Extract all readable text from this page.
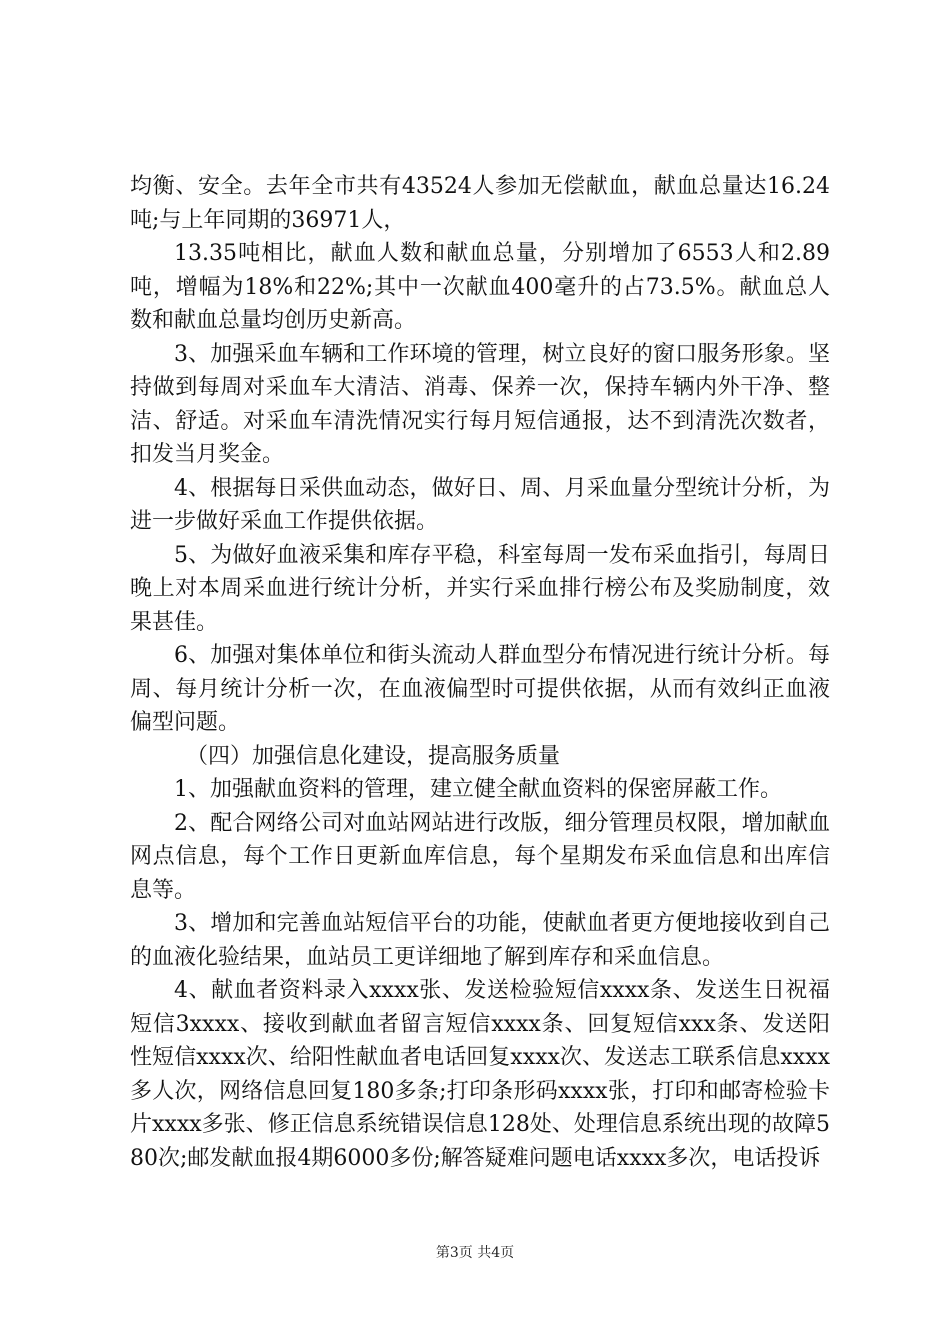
均衡、安全。去年全市共有43524人参加无偿献血，献血总量达16.24吨;与上年同期的36971人，

13.35吨相比，献血人数和献血总量，分别增加了6553人和2.89吨，增幅为18%和22%;其中一次献血400毫升的占73.5%。献血总人数和献血总量均创历史新高。

3、加强采血车辆和工作环境的管理，树立良好的窗口服务形象。坚持做到每周对采血车大清洁、消毒、保养一次，保持车辆内外干净、整洁、舒适。对采血车清洗情况实行每月短信通报，达不到清洗次数者，扣发当月奖金。

4、根据每日采供血动态，做好日、周、月采血量分型统计分析，为进一步做好采血工作提供依据。

5、为做好血液采集和库存平稳，科室每周一发布采血指引，每周日晚上对本周采血进行统计分析，并实行采血排行榜公布及奖励制度，效果甚佳。

6、加强对集体单位和街头流动人群血型分布情况进行统计分析。每周、每月统计分析一次，在血液偏型时可提供依据，从而有效纠正血液偏型问题。

（四）加强信息化建设，提高服务质量

1、加强献血资料的管理，建立健全献血资料的保密屏蔽工作。

2、配合网络公司对血站网站进行改版，细分管理员权限，增加献血网点信息，每个工作日更新血库信息，每个星期发布采血信息和出库信息等。

3、增加和完善血站短信平台的功能，使献血者更方便地接收到自己的血液化验结果，血站员工更详细地了解到库存和采血信息。

4、献血者资料录入xxxx张、发送检验短信xxxx条、发送生日祝福短信3xxxx、接收到献血者留言短信xxxx条、回复短信xxx条、发送阳性短信xxxx次、给阳性献血者电话回复xxxx次、发送志工联系信息xxxx多人次，网络信息回复180多条;打印条形码xxxx张，打印和邮寄检验卡片xxxx多张、修正信息系统错误信息128处、处理信息系统出现的故障580次;邮发献血报4期6000多份;解答疑难问题电话xxxx多次，电话投诉

第3页 共4页
